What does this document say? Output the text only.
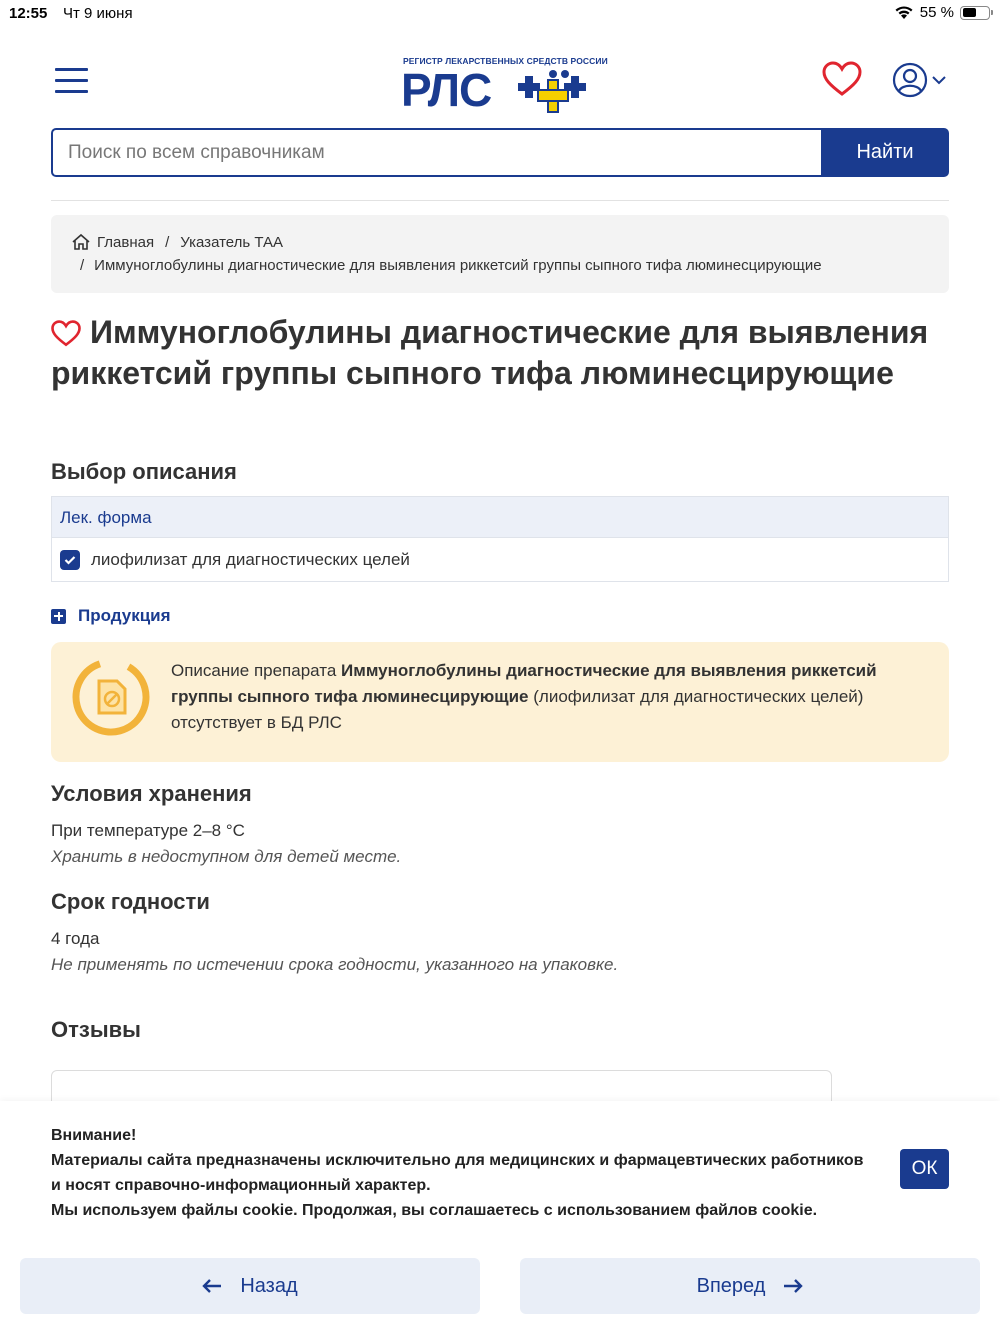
12:55 Чт 9 июня	55 %
РЕГИСТР ЛЕКАРСТВЕННЫХ СРЕДСТВ РОССИИ
РЛС
Поиск по всем справочникам
Найти
Главная / Указатель ТАА
/ Иммуноглобулины диагностические для выявления риккетсий группы сыпного тифа люминесцирующие
Иммуноглобулины диагностические для выявления риккетсий группы сыпного тифа люминесцирующие
Выбор описания
Лек. форма
лиофилизат для диагностических целей
Продукция
Описание препарата Иммуноглобулины диагностические для выявления риккетсий группы сыпного тифа люминесцирующие (лиофилизат для диагностических целей) отсутствует в БД РЛС
Условия хранения
При температуре 2–8 °C
Хранить в недоступном для детей месте.
Срок годности
4 года
Не применять по истечении срока годности, указанного на упаковке.
Отзывы
Внимание!
Материалы сайта предназначены исключительно для медицинских и фармацевтических работников и носят справочно-информационный характер.
Мы используем файлы cookie. Продолжая, вы соглашаетесь с использованием файлов cookie.
ОК
Назад	Вперед
